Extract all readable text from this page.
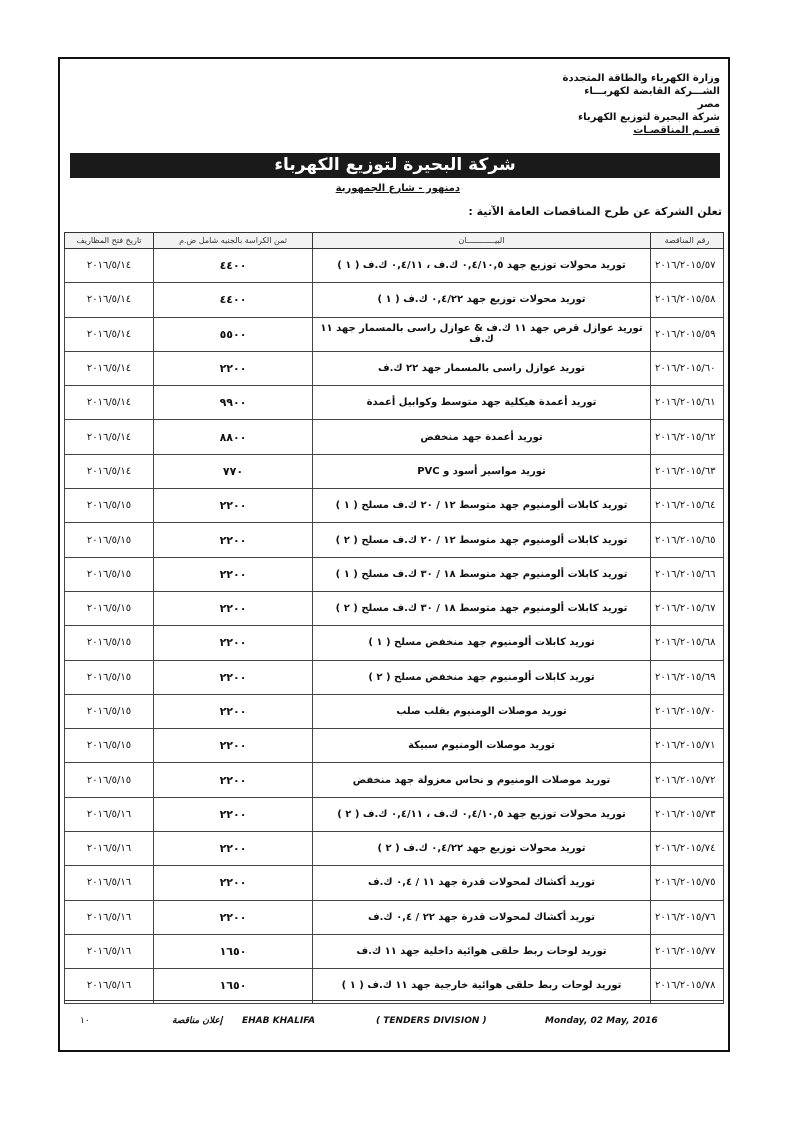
وزارة الكهرباء والطاقة المتجددة
الشـــركة القابضة لكهربـــاء مصر
شركة البحيرة لتوزيع الكهرباء
قسـم المناقصـات
شركة البحيرة لتوزيع الكهرباء
دمنهور - شارع الجمهورية
تعلن الشركة عن طرح المناقصات العامة الآتية :
رقم المناقصة	البيــــــــــــان	ثمن الكراسة بالجنيه شامل ض.م	تاريخ فتح المظاريف
٢٠١٦/٢٠١٥/٥٧	توريد محولات توزيع جهد ٠,٤/١٠,٥ ك.ف ، ٠,٤/١١ ك.ف ( ١ )	٤٤٠٠	٢٠١٦/٥/١٤
٢٠١٦/٢٠١٥/٥٨	توريد محولات توزيع جهد ٠,٤/٢٢ ك.ف ( ١ )	٤٤٠٠	٢٠١٦/٥/١٤
٢٠١٦/٢٠١٥/٥٩	توريد عوازل قرص جهد ١١ ك.ف & عوازل راسى بالمسمار جهد ١١ ك.ف	٥٥٠٠	٢٠١٦/٥/١٤
٢٠١٦/٢٠١٥/٦٠	توريد عوازل راسى بالمسمار جهد ٢٢ ك.ف	٢٢٠٠	٢٠١٦/٥/١٤
٢٠١٦/٢٠١٥/٦١	توريد أعمدة هيكلية جهد متوسط وكوابيل أعمدة	٩٩٠٠	٢٠١٦/٥/١٤
٢٠١٦/٢٠١٥/٦٢	توريد أعمدة جهد منخفض	٨٨٠٠	٢٠١٦/٥/١٤
٢٠١٦/٢٠١٥/٦٣	توريد مواسير أسود و PVC	٧٧٠	٢٠١٦/٥/١٤
٢٠١٦/٢٠١٥/٦٤	توريد كابلات ألومنيوم جهد متوسط ١٢ / ٢٠ ك.ف مسلح ( ١ )	٢٢٠٠	٢٠١٦/٥/١٥
٢٠١٦/٢٠١٥/٦٥	توريد كابلات ألومنيوم جهد متوسط ١٢ / ٢٠ ك.ف مسلح ( ٢ )	٢٢٠٠	٢٠١٦/٥/١٥
٢٠١٦/٢٠١٥/٦٦	توريد كابلات ألومنيوم جهد متوسط ١٨ / ٣٠ ك.ف مسلح ( ١ )	٢٢٠٠	٢٠١٦/٥/١٥
٢٠١٦/٢٠١٥/٦٧	توريد كابلات ألومنيوم جهد متوسط ١٨ / ٣٠ ك.ف مسلح ( ٢ )	٢٢٠٠	٢٠١٦/٥/١٥
٢٠١٦/٢٠١٥/٦٨	توريد كابلات ألومنيوم جهد منخفض مسلح ( ١ )	٢٢٠٠	٢٠١٦/٥/١٥
٢٠١٦/٢٠١٥/٦٩	توريد كابلات ألومنيوم جهد منخفض مسلح ( ٢ )	٢٢٠٠	٢٠١٦/٥/١٥
٢٠١٦/٢٠١٥/٧٠	توريد موصلات الومنيوم بقلب صلب	٢٢٠٠	٢٠١٦/٥/١٥
٢٠١٦/٢٠١٥/٧١	توريد موصلات الومنيوم سبيكة	٢٢٠٠	٢٠١٦/٥/١٥
٢٠١٦/٢٠١٥/٧٢	توريد موصلات الومنيوم و نحاس معزولة جهد منخفض	٢٢٠٠	٢٠١٦/٥/١٥
٢٠١٦/٢٠١٥/٧٣	توريد محولات توزيع جهد ٠,٤/١٠,٥ ك.ف ، ٠,٤/١١ ك.ف ( ٢ )	٢٢٠٠	٢٠١٦/٥/١٦
٢٠١٦/٢٠١٥/٧٤	توريد محولات توزيع جهد ٠,٤/٢٢ ك.ف ( ٢ )	٢٢٠٠	٢٠١٦/٥/١٦
٢٠١٦/٢٠١٥/٧٥	توريد أكشاك لمحولات قدرة جهد ١١ / ٠,٤ ك.ف	٢٢٠٠	٢٠١٦/٥/١٦
٢٠١٦/٢٠١٥/٧٦	توريد أكشاك لمحولات قدرة جهد ٢٢ / ٠,٤ ك.ف	٢٢٠٠	٢٠١٦/٥/١٦
٢٠١٦/٢٠١٥/٧٧	توريد لوحات ربط حلقى هوائية داخلية جهد ١١ ك.ف	١٦٥٠	٢٠١٦/٥/١٦
٢٠١٦/٢٠١٥/٧٨	توريد لوحات ربط حلقى هوائية خارجية جهد ١١ ك.ف ( ١ )	١٦٥٠	٢٠١٦/٥/١٦
Monday, 02 May, 2016
( TENDERS DIVISION )
EHAB KHALIFA
إعلان مناقصة
١٠
